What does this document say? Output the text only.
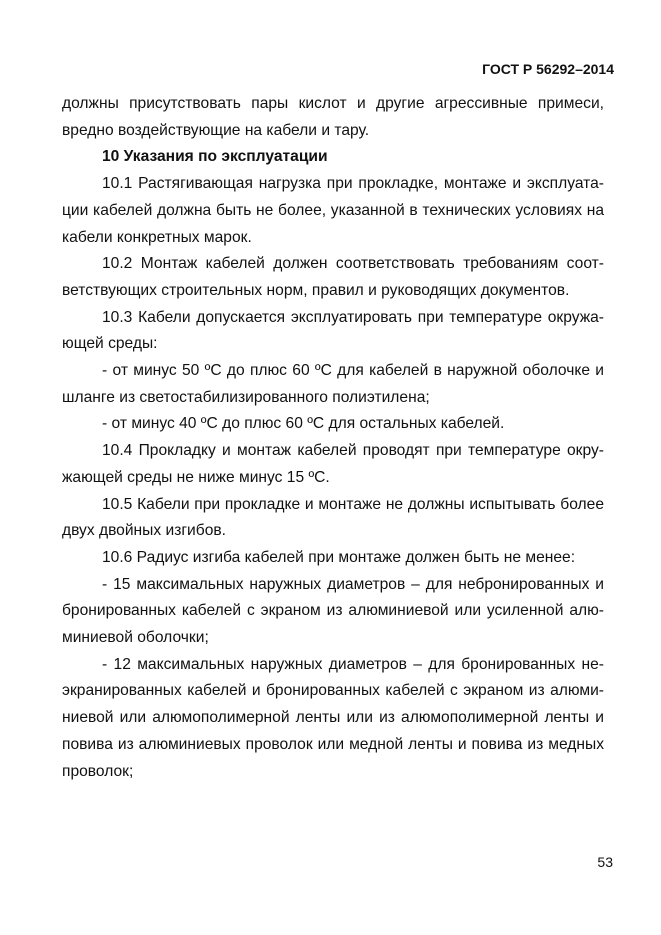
ГОСТ Р 56292–2014
должны присутствовать пары кислот и другие агрессивные примеси,
вредно воздействующие на кабели и тару.
10 Указания по эксплуатации
10.1 Растягивающая нагрузка при прокладке, монтаже и эксплуата-
ции кабелей должна быть не более, указанной в технических условиях на
кабели конкретных марок.
10.2 Монтаж кабелей должен соответствовать требованиям соот-
ветствующих строительных норм, правил и руководящих документов.
10.3 Кабели допускается эксплуатировать при температуре окружа-
ющей среды:
- от минус 50 ºС до плюс 60 ºС для кабелей в наружной оболочке и
шланге из светостабилизированного полиэтилена;
- от минус 40 ºС до плюс 60 ºС для остальных кабелей.
10.4 Прокладку и монтаж кабелей проводят при температуре окру-
жающей среды не ниже минус 15 ºС.
10.5 Кабели при прокладке и монтаже не должны испытывать более
двух двойных изгибов.
10.6 Радиус изгиба кабелей при монтаже должен быть не менее:
- 15 максимальных наружных диаметров – для небронированных и
бронированных кабелей с экраном из алюминиевой или усиленной алю-
миниевой оболочки;
- 12 максимальных наружных диаметров – для бронированных не-
экранированных кабелей и бронированных кабелей с экраном из алюми-
ниевой или алюмополимерной ленты или из алюмополимерной ленты и
повива из алюминиевых проволок или медной ленты и повива из медных
проволок;
53
